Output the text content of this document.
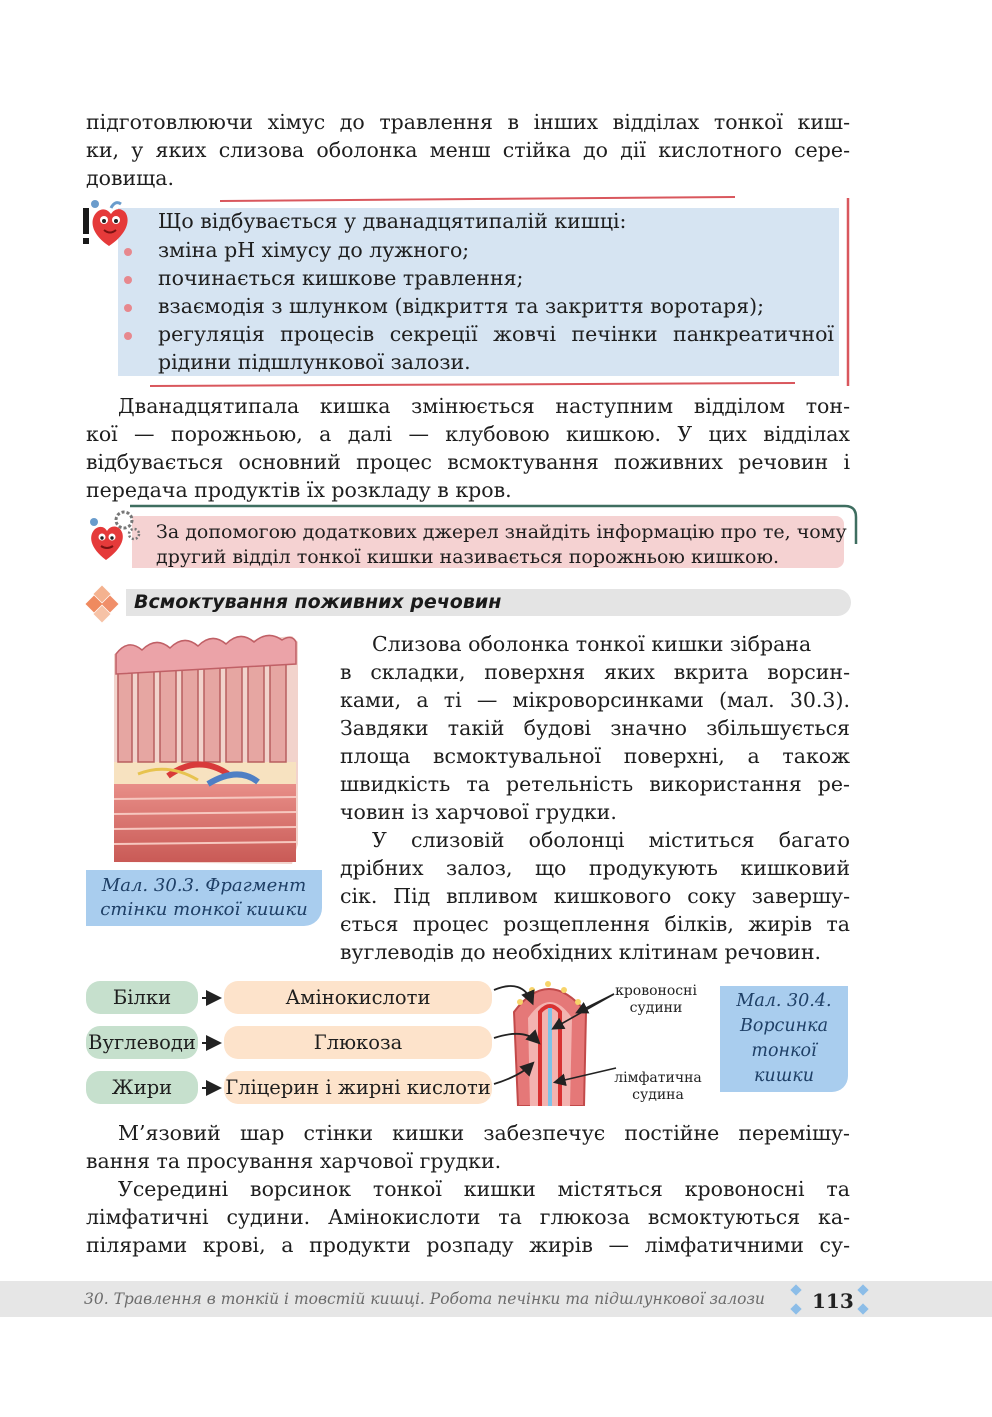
підготовлюючи хімус до травлення в інших відділах тонкої киш-
ки, у яких слизова оболонка менш стійка до дії кислотного сере-
довища.
Що відбувається у дванадцятипалій кишці:
зміна pH хімусу до лужного;
починається кишкове травлення;
взаємодія з шлунком (відкриття та закриття воротаря);
регуляція процесів секреції жовчі печінки панкреатичної
рідини підшлункової залози.
Дванадцятипала кишка змінюється наступним відділом тон-
кої — порожньою, а далі — клубовою кишкою. У цих відділах
відбувається основний процес всмоктування поживних речовин і
передача продуктів їх розкладу в кров.
За допомогою додаткових джерел знайдіть інформацію про те, чому
другий відділ тонкої кишки називається порожньою кишкою.
Всмоктування поживних речовин
Мал. 30.3. Фрагмент
стінки тонкої кишки
Слизова оболонка тонкої кишки зібрана
в складки, поверхня яких вкрита ворсин-
ками, а ті — мікроворсинками (мал. 30.3).
Завдяки такій будові значно збільшується
площа всмоктувальної поверхні, а також
швидкість та ретельність використання ре-
човин із харчової грудки.
У слизовій оболонці міститься багато
дрібних залоз, що продукують кишковий
сік. Під впливом кишкового соку завершу-
ється процес розщеплення білків, жирів та
вуглеводів до необхідних клітинам речовин.
Білки
Вуглеводи
Жири
Амінокислоти
Глюкоза
Гліцерин і жирні кислоти
кровоносні
судини
лімфатична
судина
Мал. 30.4.
Ворсинка
тонкої
кишки
М’язовий шар стінки кишки забезпечує постійне перемішу-
вання та просування харчової грудки.
Усередині ворсинок тонкої кишки містяться кровоносні та
лімфатичні судини. Амінокислоти та глюкоза всмоктуються ка-
пілярами крові, а продукти розпаду жирів — лімфатичними су-
30. Травлення в тонкій і товстій кишці. Робота печінки та підшлункової залози 113
